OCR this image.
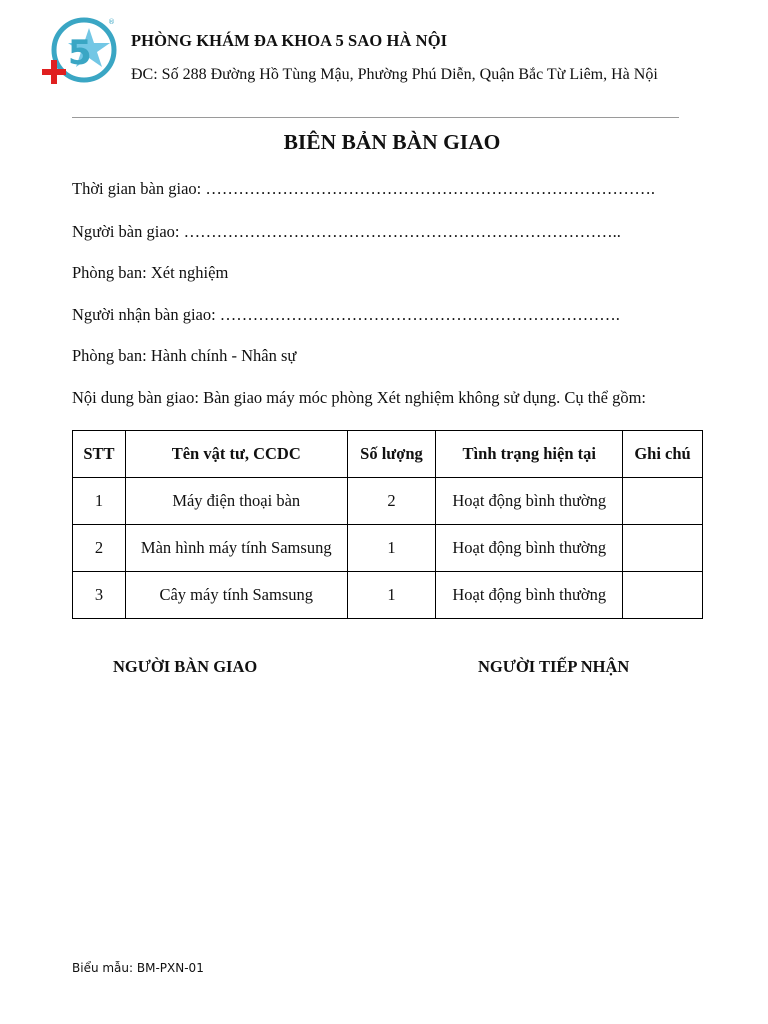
5
®
PHÒNG KHÁM ĐA KHOA 5 SAO HÀ NỘI
ĐC: Số 288 Đường Hồ Tùng Mậu, Phường Phú Diễn, Quận Bắc Từ Liêm, Hà Nội
BIÊN BẢN BÀN GIAO
Thời gian bàn giao: ……………………………………………………………………….
Người bàn giao: ……………………………………………………………………..
Phòng ban: Xét nghiệm
Người nhận bàn giao: ……………………………………………………………….
Phòng ban: Hành chính - Nhân sự
Nội dung bàn giao: Bàn giao máy móc phòng Xét nghiệm không sử dụng. Cụ thể gồm:
STT	Tên vật tư, CCDC	Số lượng	Tình trạng hiện tại	Ghi chú
1	Máy điện thoại bàn	2	Hoạt động bình thường	
2	Màn hình máy tính Samsung	1	Hoạt động bình thường	
3	Cây máy tính Samsung	1	Hoạt động bình thường	
NGƯỜI BÀN GIAO	NGƯỜI TIẾP NHẬN
Biểu mẫu: BM-PXN-01
